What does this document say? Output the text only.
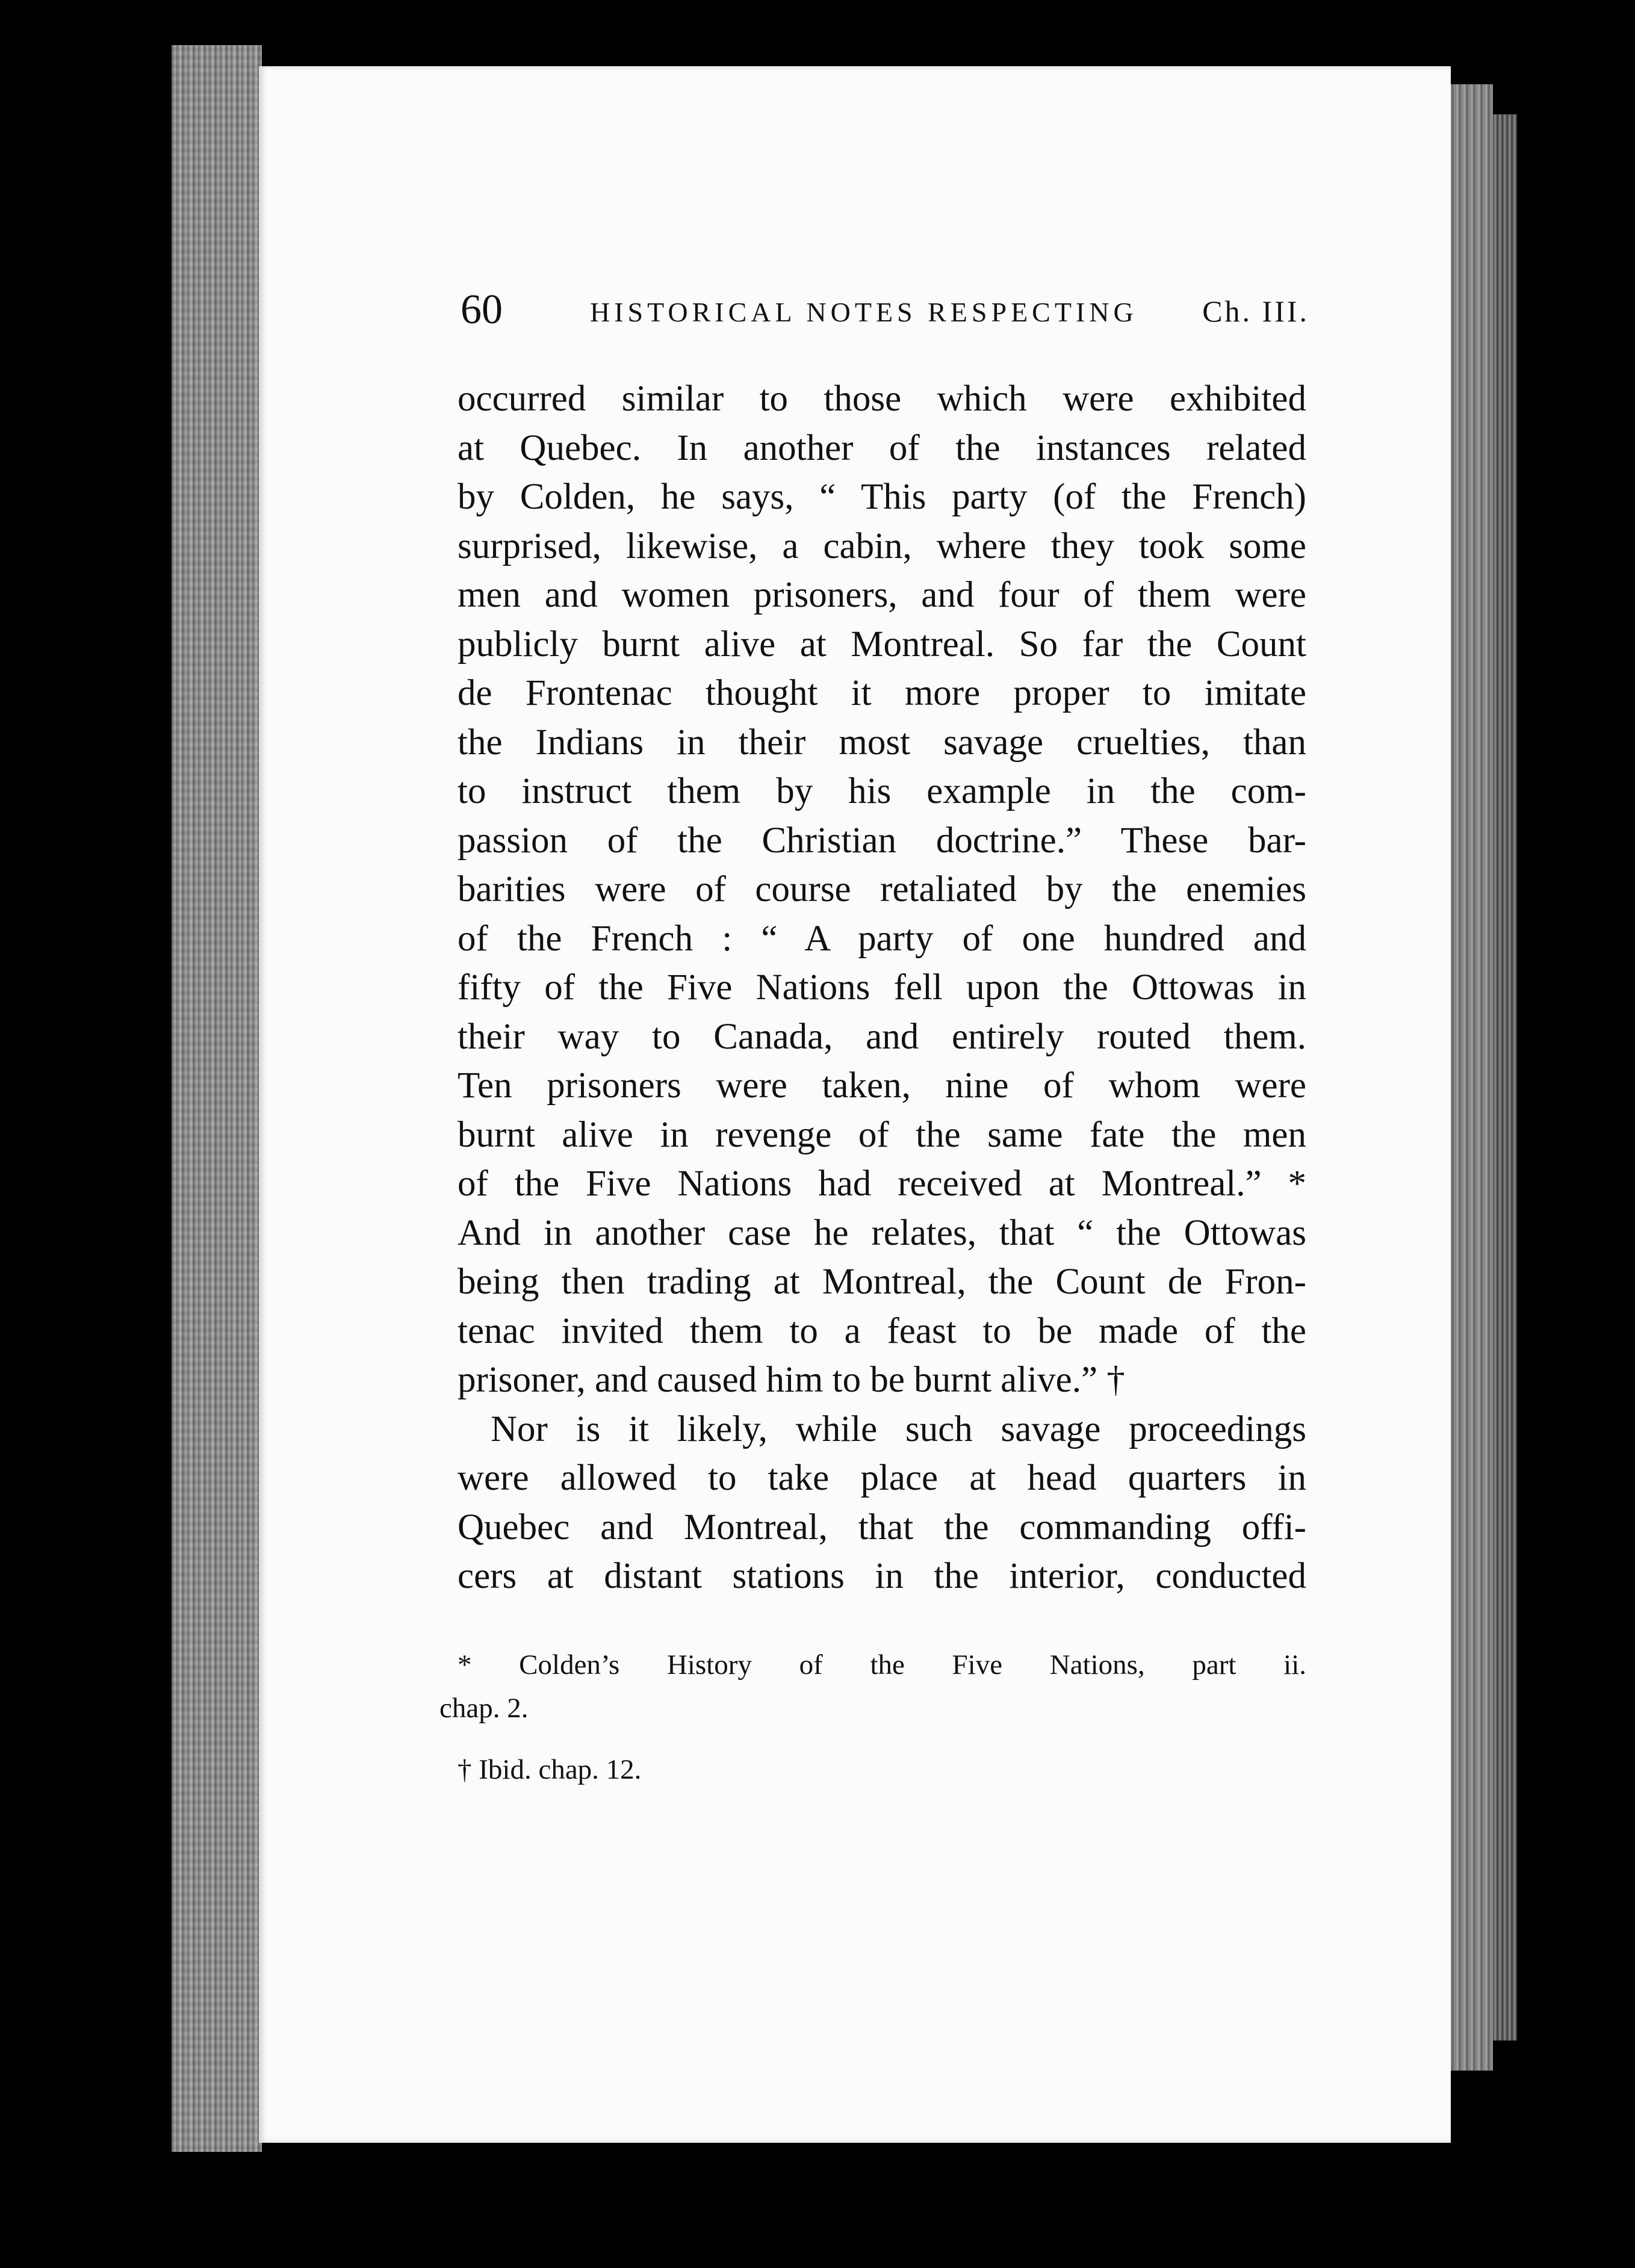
60	HISTORICAL NOTES RESPECTING Ch. III.
occurred similar to those which were exhibited
at Quebec. In another of the instances related
by Colden, he says, “ This party (of the French)
surprised, likewise, a cabin, where they took some
men and women prisoners, and four of them were
publicly burnt alive at Montreal. So far the Count
de Frontenac thought it more proper to imitate
the Indians in their most savage cruelties, than
to instruct them by his example in the com-
passion of the Christian doctrine.” These bar-
barities were of course retaliated by the enemies
of the French : “ A party of one hundred and
fifty of the Five Nations fell upon the Ottowas in
their way to Canada, and entirely routed them.
Ten prisoners were taken, nine of whom were
burnt alive in revenge of the same fate the men
of the Five Nations had received at Montreal.” *
And in another case he relates, that “ the Ottowas
being then trading at Montreal, the Count de Fron-
tenac invited them to a feast to be made of the
prisoner, and caused him to be burnt alive.” †
Nor is it likely, while such savage proceedings
were allowed to take place at head quarters in
Quebec and Montreal, that the commanding offi-
cers at distant stations in the interior, conducted
* Colden’s History of the Five Nations, part ii.
chap. 2.
† Ibid. chap. 12.
